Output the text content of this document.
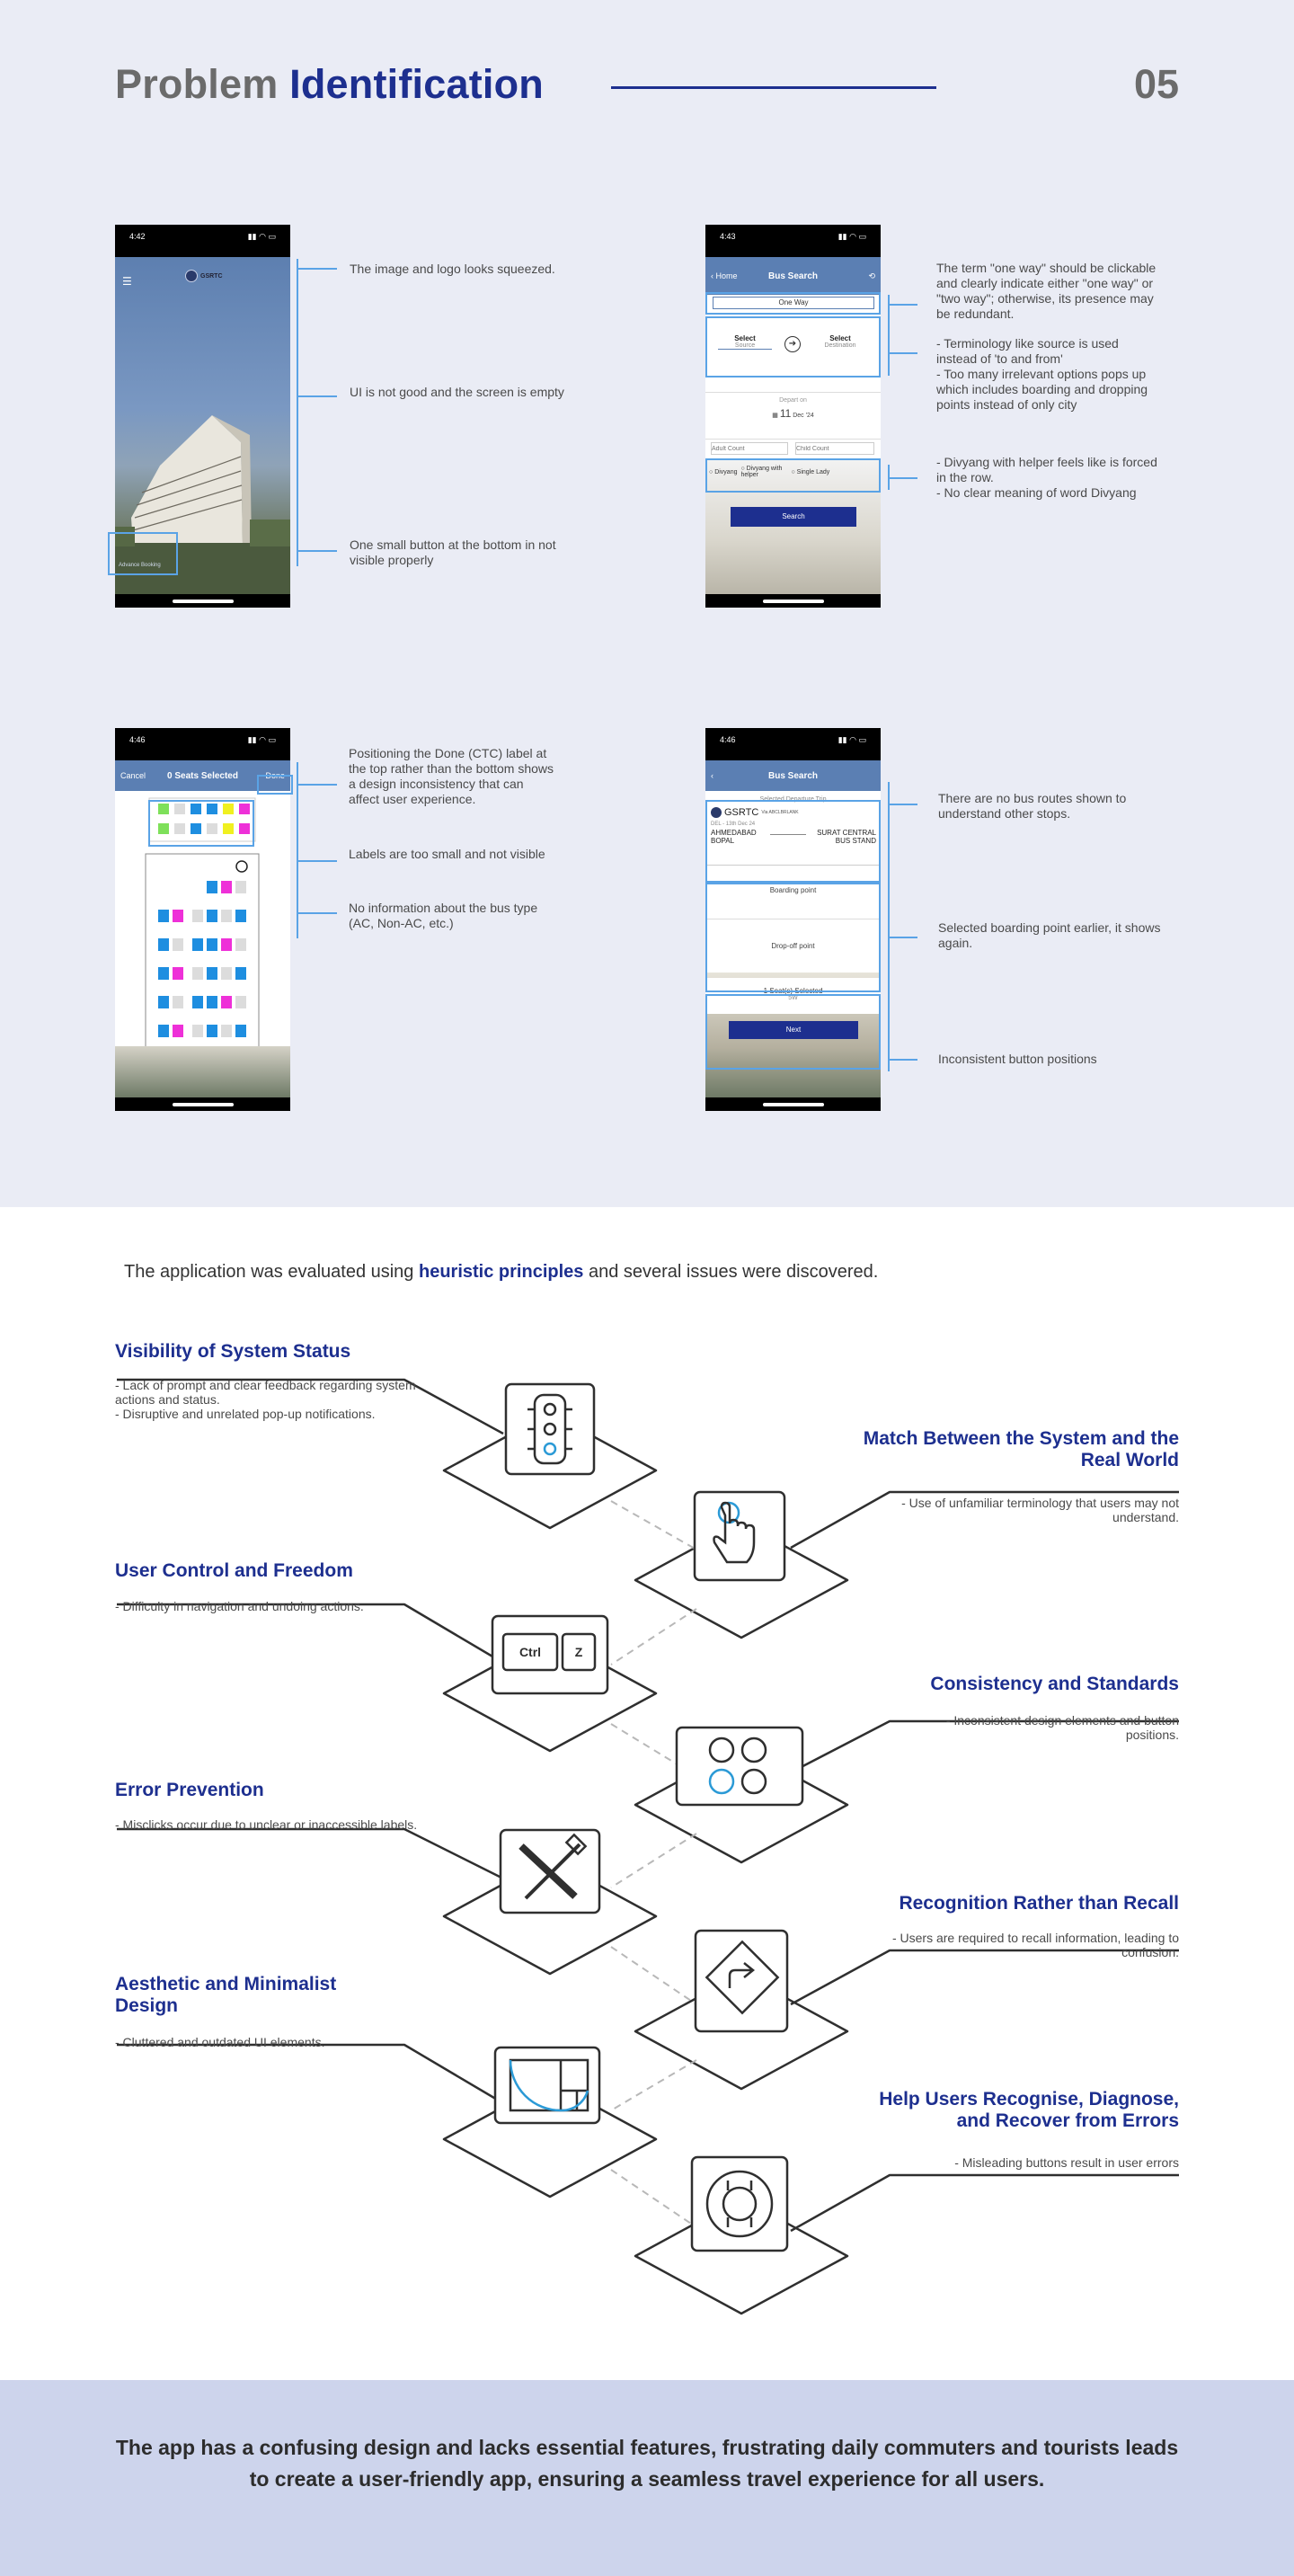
Problem Identification	05
4:42	▮▮ ◠ ▭
☰	GSRTC
Advance Booking
The image and logo looks squeezed.
UI is not good and the screen is empty
One small button at the bottom in not visible properly
4:43	▮▮ ◠ ▭
‹ Home	Bus Search	⟲
One Way
Select
Source	➔
Select
Destination
Depart on
▦ 11 Dec '24
Adult Count
Child Count
○ Divyang ○ Divyang with helper	○ Single Lady
Search
The term "one way" should be clickable and clearly indicate either "one way" or "two way"; otherwise, its presence may be redundant.
- Terminology like source is used instead of 'to and from'
- Too many irrelevant options pops up which includes boarding and dropping points instead of only city
- Divyang with helper feels like is forced in the row.
- No clear meaning of word Divyang
4:46	▮▮ ◠ ▭
Cancel 0 Seats Selected	Done
Positioning the Done (CTC) label at the top rather than the bottom shows a design inconsistency that can affect user experience.
Labels are too small and not visible
No information about the bus type (AC, Non-AC, etc.)
4:46	▮▮ ◠ ▭
‹	Bus Search
Selected Departure Trip
GSRTC Via ABCLBRLANK
DEL - 13th Dec 24
AHMEDABAD BOPAL
SURAT CENTRAL BUS STAND
Boarding point
Drop-off point
1 Seat(s) Selected
5W
Next
There are no bus routes shown to understand other stops.
Selected boarding point earlier, it shows again.
Inconsistent button positions
The application was evaluated using heuristic principles and several issues were discovered.
Ctrl	Z
Visibility of System Status
- Lack of prompt and clear feedback regarding system actions and status.
- Disruptive and unrelated pop-up notifications.
Match Between the System and the Real World
- Use of unfamiliar terminology that users may not understand.
User Control and Freedom
- Difficulty in navigation and undoing actions.
Consistency and Standards
- Inconsistent design elements and button positions.
Error Prevention
- Misclicks occur due to unclear or inaccessible labels.
Recognition Rather than Recall
- Users are required to recall information, leading to confusion.
Aesthetic and Minimalist Design
- Cluttered and outdated UI elements.
Help Users Recognise, Diagnose, and Recover from Errors
- Misleading buttons result in user errors

The app has a confusing design and lacks essential features, frustrating daily commuters and tourists leads to create a user-friendly app, ensuring a seamless travel experience for all users.
